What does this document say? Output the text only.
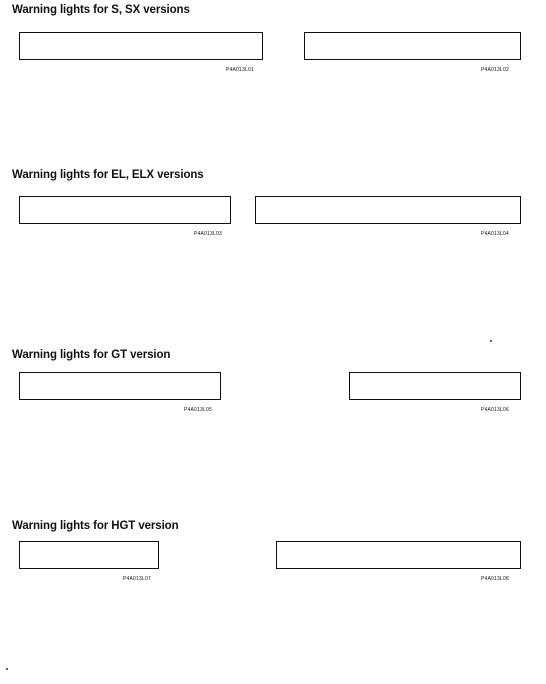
Warning lights for S, SX versions
P4A013L01	P4A013L02
Warning lights for EL, ELX versions
P4A013L03	P4A013L04
Warning lights for GT version
P4A013L05	P4A013L06
Warning lights for HGT version
P4A013L07	P4A013L08
